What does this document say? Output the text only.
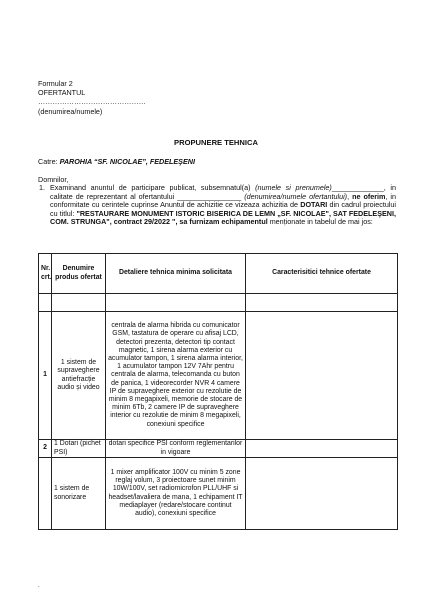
Formular 2
OFERTANTUL
………………………………………
(denumirea/numele)
PROPUNERE TEHNICA
Catre: PAROHIA “SF. NICOLAE”, FEDELEŞENI
Domnilor,
1. Examinand anuntul de participare publicat, subsemnatul(a) (numele si prenumele)_____________, in calitate de reprezentant al ofertantului ________________ (denumirea/numele ofertantului), ne oferim, in conformitate cu cerintele cuprinse Anuntul de achizitie ce vizeaza achizitia de DOTARI din cadrul proiectului cu titlul: "RESTAURARE MONUMENT ISTORIC BISERICA DE LEMN „SF. NICOLAE", SAT FEDELEŞENI, COM. STRUNGA", contract 29/2022 ", sa furnizam echipamentul menționate in tabelul de mai jos:
Nr. crt.	Denumire produs ofertat	Detaliere tehnica minima solicitata	Caracterisitici tehnice ofertate

1	1 sistem de supraveghere antiefracție audio și video	centrala de alarma hibrida cu comunicator GSM, tastatura de operare cu afisaj LCD, detectori prezenta, detectori tip contact magnetic, 1 sirena alarma exterior cu acumulator tampon, 1 sirena alarma interior, 1 acumulator tampon 12V 7Ahr pentru centrala de alarma, telecomanda cu buton de panica, 1 videorecorder NVR 4 camere IP de supraveghere exterior cu rezolutie de minim 8 megapixeli, memorie de stocare de minim 6Tb, 2 camere IP de supraveghere interior cu rezolutie de minim 8 megapixeli, conexiuni specifice	
2	1 Dotari (pichet PSI)	dotari specifice PSI conform reglementarilor in vigoare	
	1 sistem de sonorizare	1 mixer amplificator 100V cu minim 5 zone reglaj volum, 3 proiectoare sunet minim 10W/100V, set radiomicrofon PLL/UHF si headset/lavaliera de mana, 1 echipament IT mediaplayer (redare/stocare continut audio), conexiuni specifice	
.
